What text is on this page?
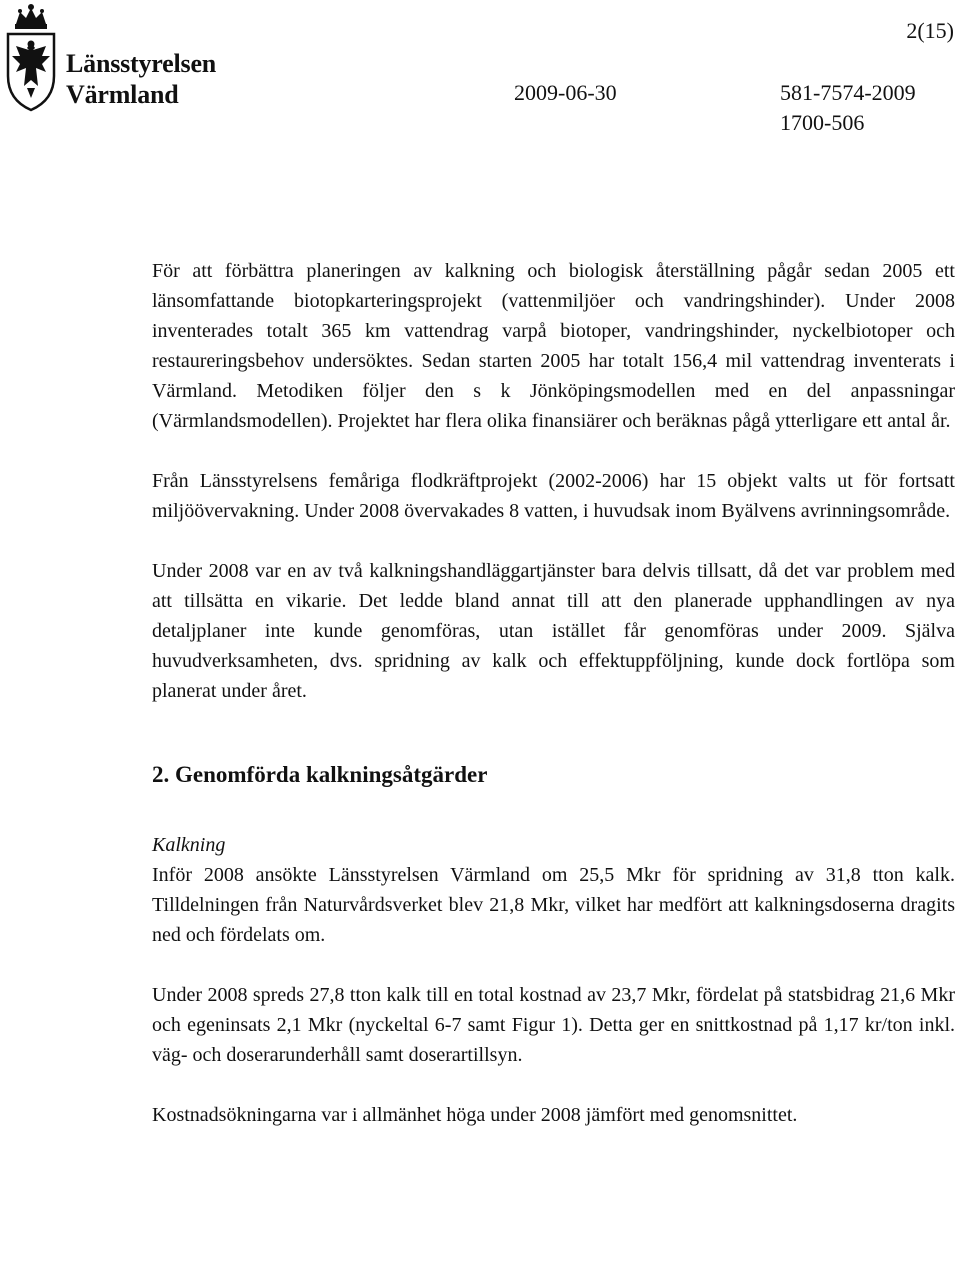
Länsstyrelsen
Värmland
2(15)
2009-06-30	581-7574-2009
1700-506

För att förbättra planeringen av kalkning och biologisk återställning pågår sedan 2005 ett länsomfattande biotopkarteringsprojekt (vattenmiljöer och vandringshinder). Under 2008 inventerades totalt 365 km vattendrag varpå biotoper, vandringshinder, nyckelbiotoper och restaureringsbehov undersöktes. Sedan starten 2005 har totalt 156,4 mil vattendrag inventerats i Värmland. Metodiken följer den s k Jönköpingsmodellen med en del anpassningar (Värmlandsmodellen). Projektet har flera olika finansiärer och beräknas pågå ytterligare ett antal år.

Från Länsstyrelsens femåriga flodkräftprojekt (2002-2006) har 15 objekt valts ut för fortsatt miljöövervakning. Under 2008 övervakades 8 vatten, i huvudsak inom Byälvens avrinningsområde.

Under 2008 var en av två kalkningshandläggartjänster bara delvis tillsatt, då det var problem med att tillsätta en vikarie. Det ledde bland annat till att den planerade upphandlingen av nya detaljplaner inte kunde genomföras, utan istället får genomföras under 2009. Själva huvudverksamheten, dvs. spridning av kalk och effektuppföljning, kunde dock fortlöpa som planerat under året.

2. Genomförda kalkningsåtgärder
Kalkning

Inför 2008 ansökte Länsstyrelsen Värmland om 25,5 Mkr för spridning av 31,8 tton kalk. Tilldelningen från Naturvårdsverket blev 21,8 Mkr, vilket har medfört att kalkningsdoserna dragits ned och fördelats om.

Under 2008 spreds 27,8 tton kalk till en total kostnad av 23,7 Mkr, fördelat på statsbidrag 21,6 Mkr och egeninsats 2,1 Mkr (nyckeltal 6-7 samt Figur 1). Detta ger en snittkostnad på 1,17 kr/ton inkl. väg- och doserarunderhåll samt doserartillsyn.

Kostnadsökningarna var i allmänhet höga under 2008 jämfört med genomsnittet.
